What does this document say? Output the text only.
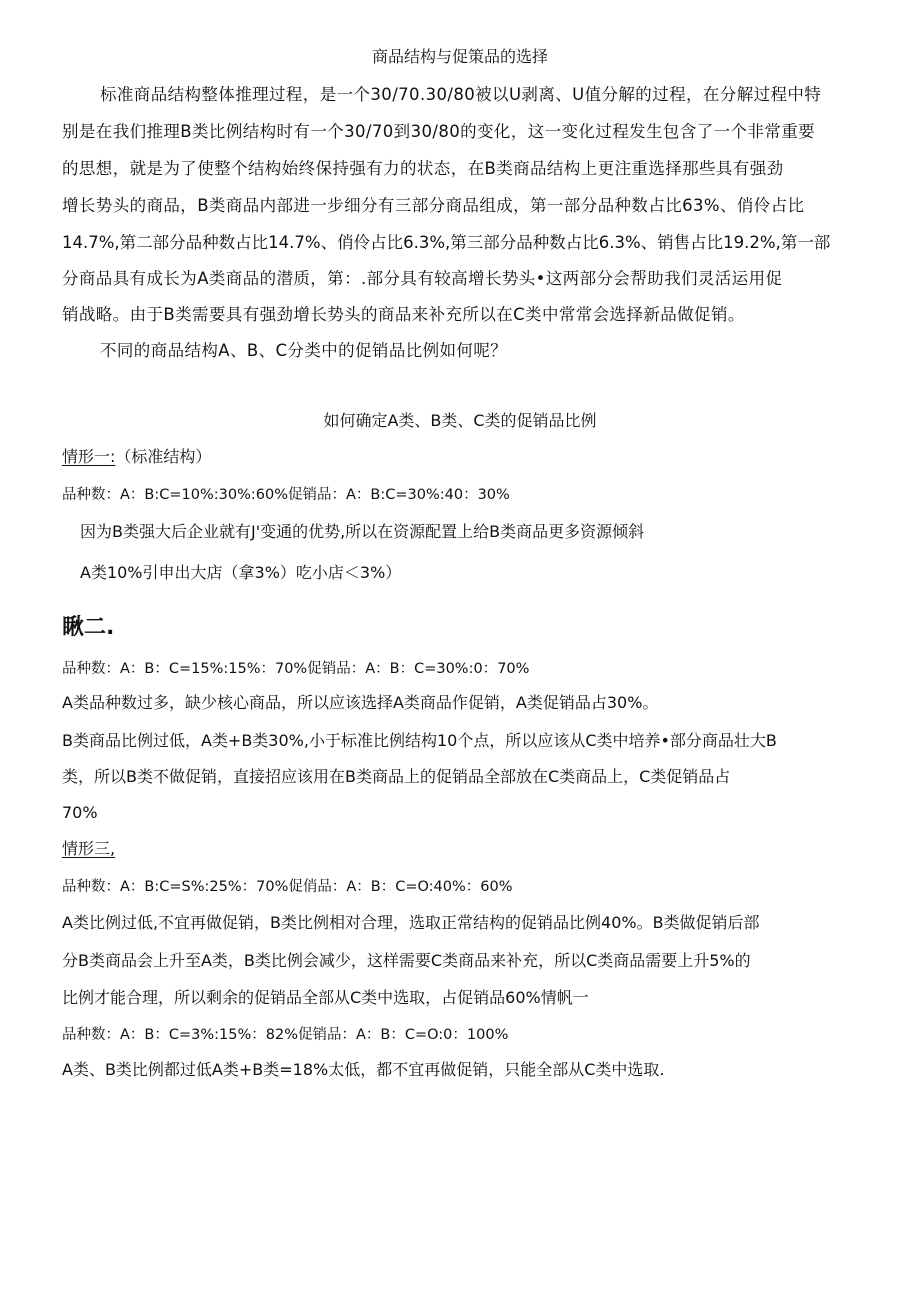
商品结构与促策品的选择
标准商品结构整体推理过程，是一个30/70.30/80被以U剥离、U值分解的过程，在分解过程中特
别是在我们推理B类比例结构时有一个30/70到30/80的变化，这一变化过程发生包含了一个非常重要
的思想，就是为了使整个结构始终保持强有力的状态，在B类商品结构上更注重选择那些具有强劲
增长势头的商品，B类商品内部进一步细分有三部分商品组成，第一部分品种数占比63%、俏伶占比
14.7%,第二部分品种数占比14.7%、俏伶占比6.3%,第三部分品种数占比6.3%、销售占比19.2%,第一部
分商品具有成长为A类商品的潜质，第：.部分具有较高增长势头•这两部分会帮助我们灵活运用促
销战略。由于B类需要具有强劲增长势头的商品来补充所以在C类中常常会选择新品做促销。
不同的商品结构A、B、C分类中的促销品比例如何呢？
如何确定A类、B类、C类的促销品比例
情形一:（标准结构）
品种数：A：B:C=10%:30%:60%促销品：A：B:C=30%:40：30%
因为B类强大后企业就有J'变通的优势,所以在资源配置上给B类商品更多资源倾斜
A类10%引申出大店（拿3%）吃小店＜3%）
瞅二.
品种数：A：B：C=15%:15%：70%促销品：A：B：C=30%:0：70%
A类品种数过多，缺少核心商品，所以应该选择A类商品作促销，A类促销品占30%。
B类商品比例过低，A类+B类30%,小于标准比例结构10个点，所以应该从C类中培养•部分商品壮大B
类，所以B类不做促销，直接招应该用在B类商品上的促销品全部放在C类商品上，C类促销品占
70%
情形三,
品种数：A：B:C=S%:25%：70%促俏品：A：B：C=O:40%：60%
A类比例过低,不宜再做促销，B类比例相对合理，选取正常结构的促销品比例40%。B类做促销后部
分B类商品会上升至A类，B类比例会减少，这样需要C类商品来补充，所以C类商品需要上升5%的
比例才能合理，所以剩余的促销品全部从C类中选取，占促销品60%情帆一
品种数：A：B：C=3%:15%：82%促销品：A：B：C=O:0：100%
A类、B类比例都过低A类+B类=18%太低，都不宜再做促销，只能全部从C类中选取.
